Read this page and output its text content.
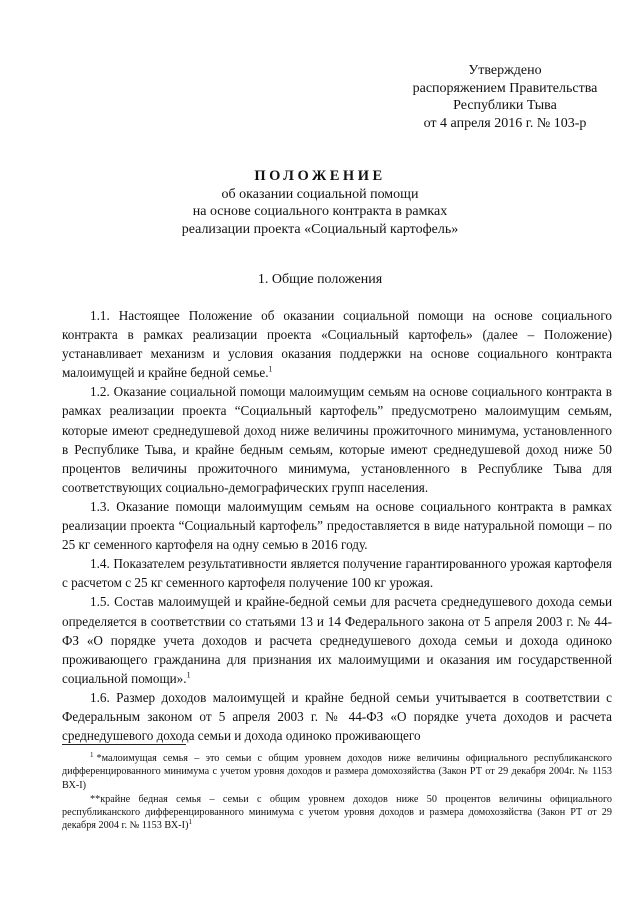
Утверждено
распоряжением Правительства
Республики Тыва
от 4 апреля 2016 г. № 103-р
ПОЛОЖЕНИЕ
об оказании социальной помощи
на основе социального контракта в рамках
реализации проекта «Социальный картофель»
1. Общие положения

1.1. Настоящее Положение об оказании социальной помощи на основе социального контракта в рамках реализации проекта «Социальный картофель» (далее – Положение) устанавливает механизм и условия оказания поддержки на основе социального контракта малоимущей и крайне бедной семье.$^1$

1.2. Оказание социальной помощи малоимущим семьям на основе социального контракта в рамках реализации проекта “Социальный картофель” предусмотрено малоимущим семьям, которые имеют среднедушевой доход ниже величины прожиточного минимума, установленного в Республике Тыва, и крайне бедным семьям, которые имеют среднедушевой доход ниже 50 процентов величины прожиточного минимума, установленного в Республике Тыва для соответствующих социально-демографических групп населения.

1.3. Оказание помощи малоимущим семьям на основе социального контракта в рамках реализации проекта “Социальный картофель” предоставляется в виде натуральной помощи – по 25 кг семенного картофеля на одну семью в 2016 году.

1.4. Показателем результативности является получение гарантированного урожая картофеля с расчетом с 25 кг семенного картофеля получение 100 кг урожая.

1.5. Состав малоимущей и крайне-бедной семьи для расчета среднедушевого дохода семьи определяется в соответствии со статьями 13 и 14 Федерального закона от 5 апреля 2003 г. № 44-ФЗ «О порядке учета доходов и расчета среднедушевого дохода семьи и дохода одиноко проживающего гражданина для признания их малоимущими и оказания им государственной социальной помощи».$^1$

1.6. Размер доходов малоимущей и крайне бедной семьи учитывается в соответствии с Федеральным законом от 5 апреля 2003 г. № 44-ФЗ «О порядке учета доходов и расчета среднедушевого дохода семьи и дохода одиноко проживающего

$^1$ *малоимущая семья – это семьи с общим уровнем доходов ниже величины официального республиканского дифференцированного минимума с учетом уровня доходов и размера домохозяйства (Закон РТ от 29 декабря 2004г. № 1153 ВХ-I)

**крайне бедная семья – семьи с общим уровнем доходов ниже 50 процентов величины официального республиканского дифференцированного минимума с учетом уровня доходов и размера домохозяйства (Закон РТ от 29 декабря 2004 г. № 1153 ВХ-I)$^1$
